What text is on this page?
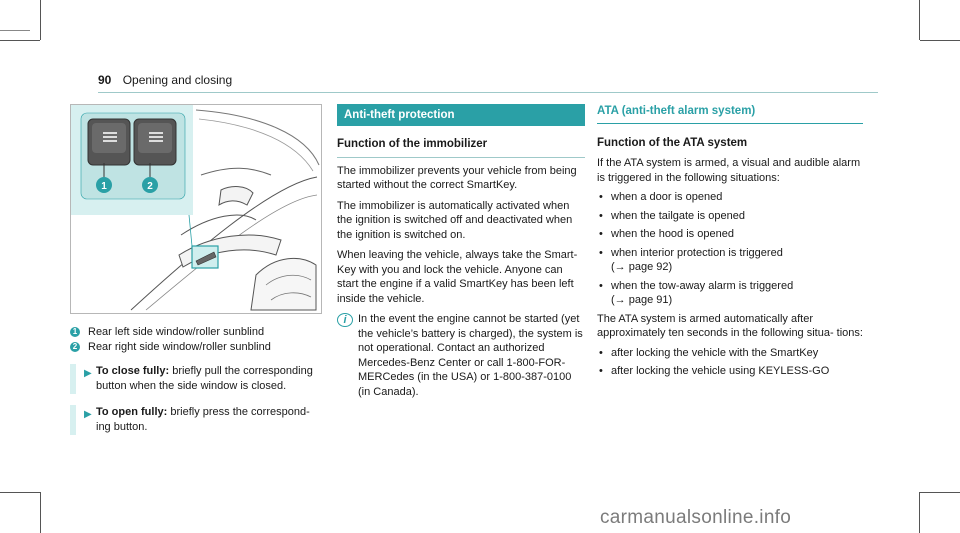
90 Opening and closing
1	2
1 Rear left side window/roller sunblind
2 Rear right side window/roller sunblind
▶ To close fully: briefly pull the corresponding button when the side window is closed.
▶ To open fully: briefly press the correspond- ing button.
Anti-theft protection
Function of the immobilizer

The immobilizer prevents your vehicle from being started without the correct SmartKey.

The immobilizer is automatically activated when the ignition is switched off and deactivated when the ignition is switched on.

When leaving the vehicle, always take the Smart- Key with you and lock the vehicle. Anyone can start the engine if a valid SmartKey has been left inside the vehicle.

i	In the event the engine cannot be started (yet the vehicle’s battery is charged), the system is not operational. Contact an authorized Mercedes-Benz Center or call 1-800-FOR-MERCedes (in the USA) or 1-800-387-0100 (in Canada).
ATA (anti-theft alarm system)
Function of the ATA system
If the ATA system is armed, a visual and audible alarm is triggered in the following situations:
• when a door is opened
• when the tailgate is opened
• when the hood is opened
• when interior protection is triggered
(→ page 92)
• when the tow-away alarm is triggered
(→ page 91)
The ATA system is armed automatically after approximately ten seconds in the following situa- tions:
• after locking the vehicle with the SmartKey
• after locking the vehicle using KEYLESS-GO
carmanualsonline.info
